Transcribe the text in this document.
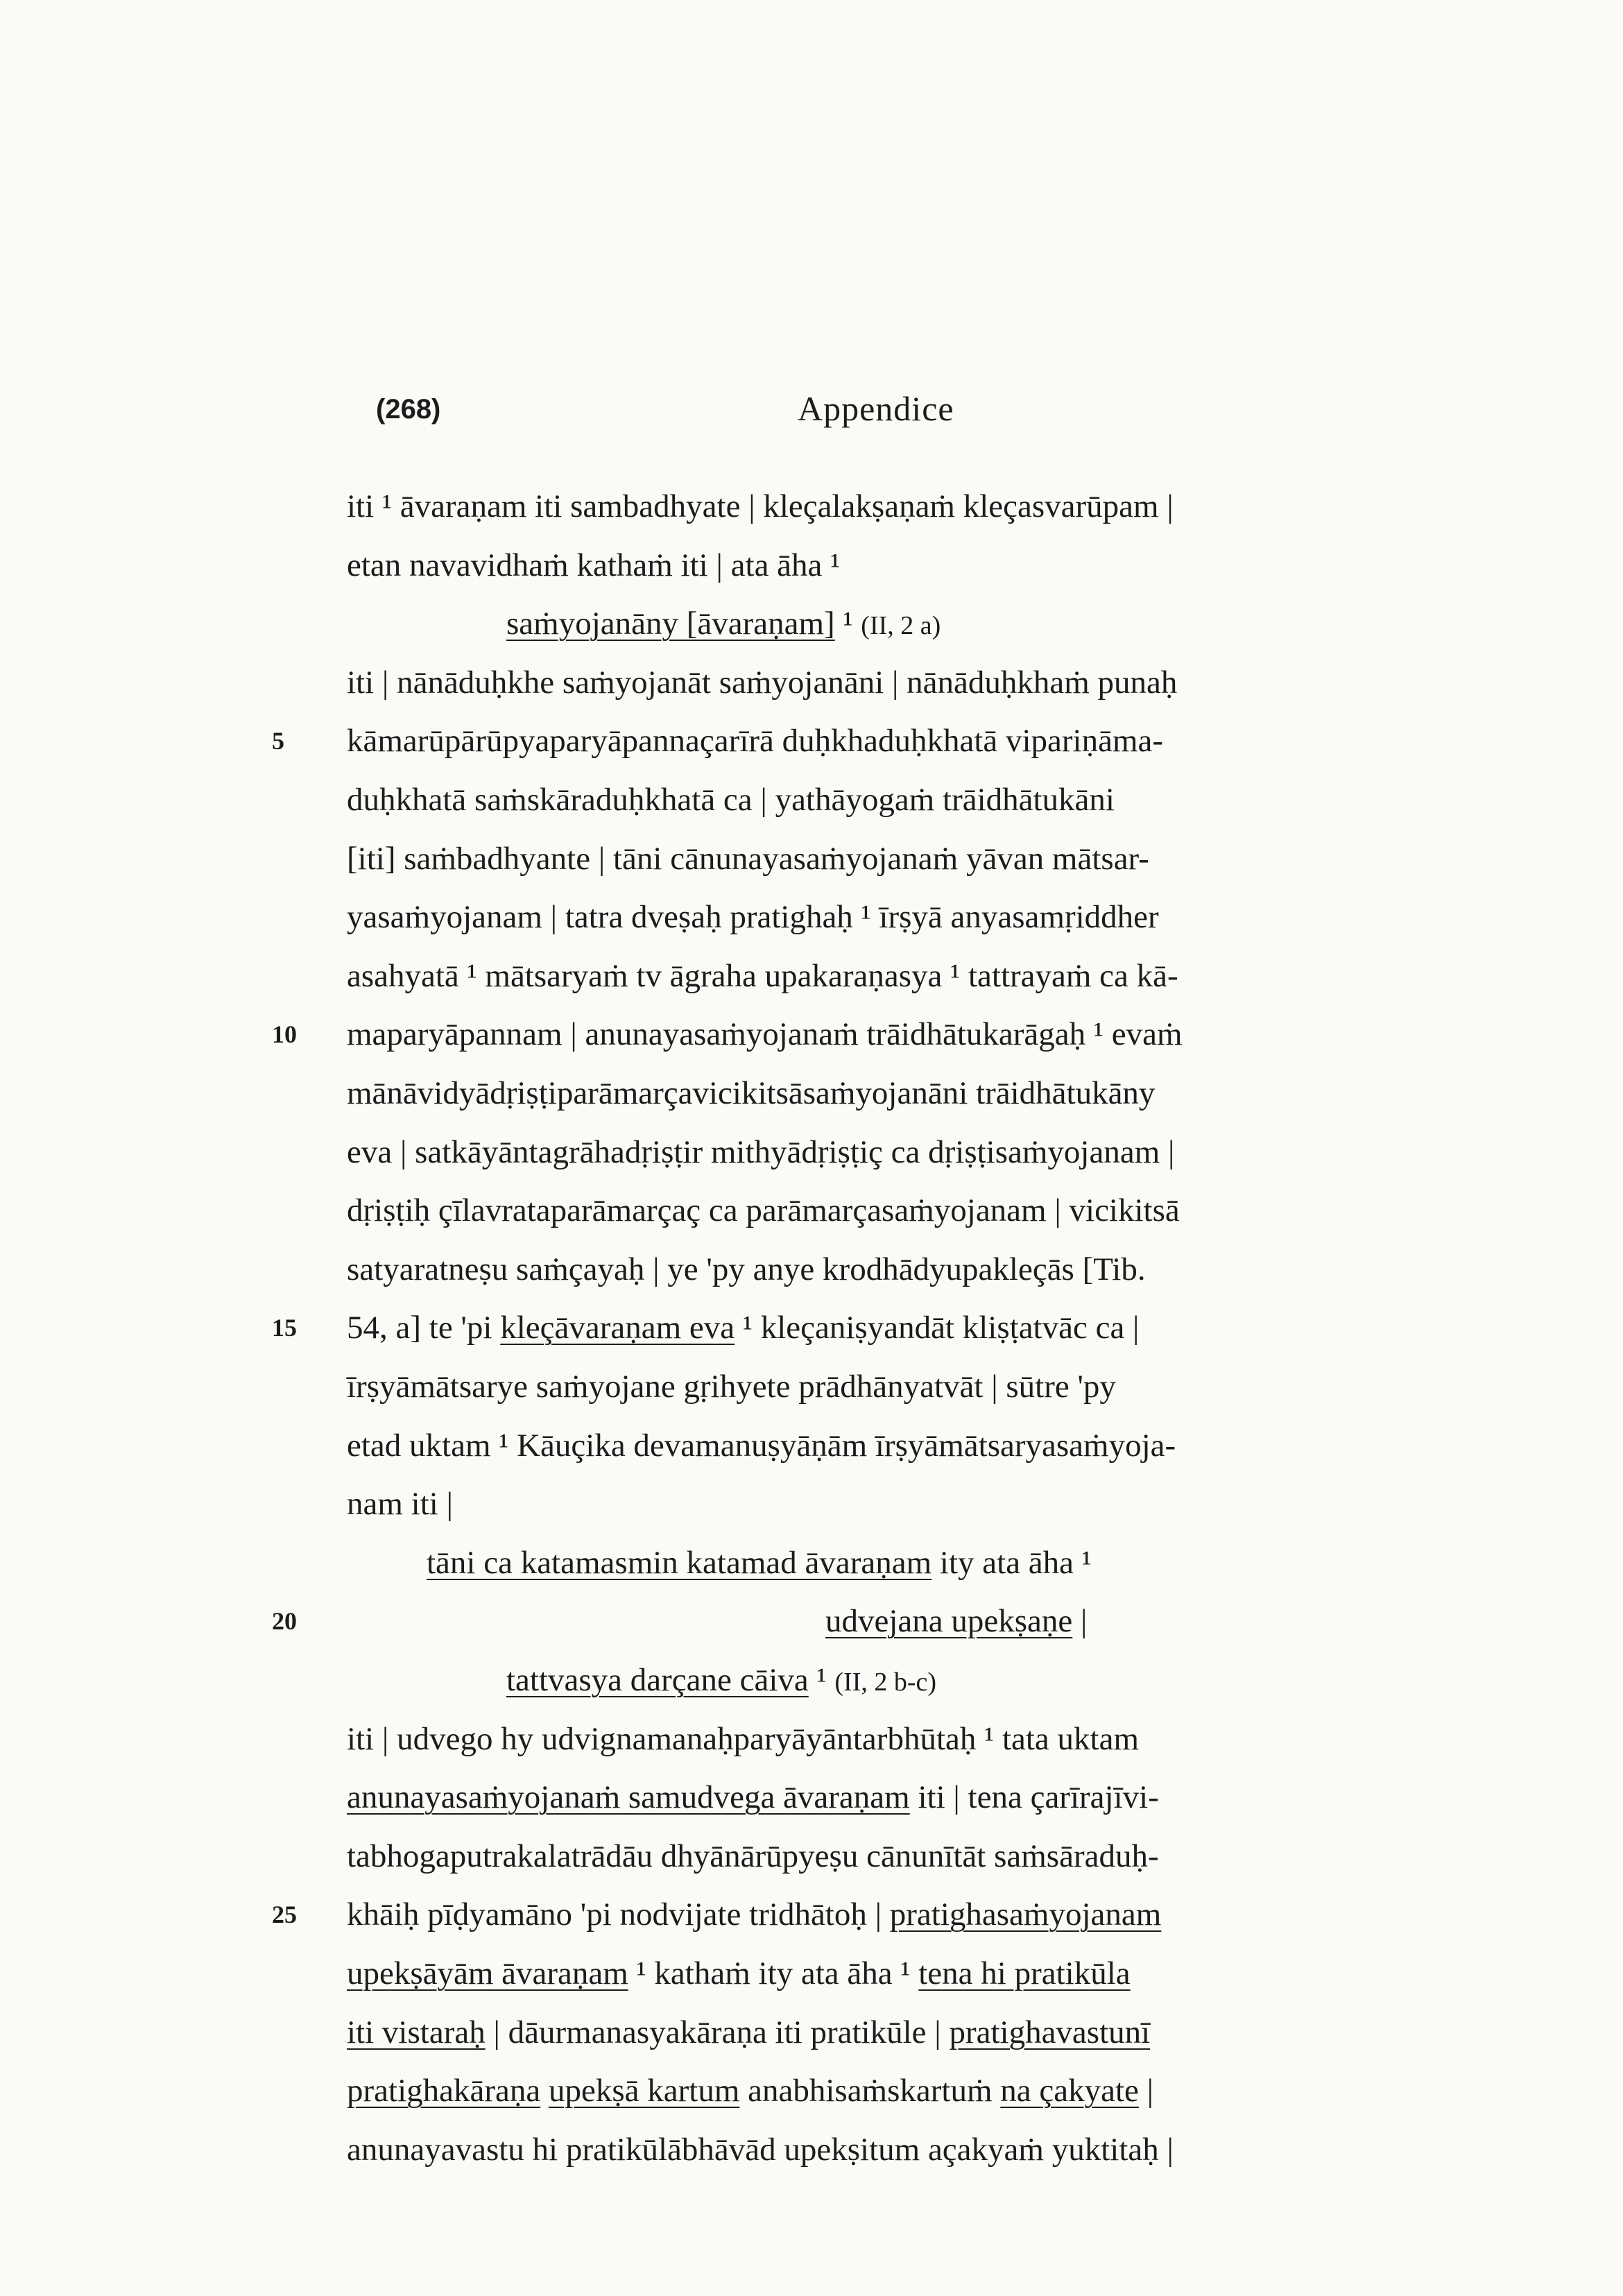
(268)	Appendice
iti ¹ āvaraṇam iti sambadhyate | kleçalakṣaṇaṁ kleçasvarūpam |
etan navavidhaṁ kathaṁ iti | ata āha ¹
saṁyojanāny [āvaraṇam] ¹ (II, 2 a)
iti | nānāduḥkhe saṁyojanāt saṁyojanāni | nānāduḥkhaṁ punaḥ
5	kāmarūpārūpyaparyāpannaçarīrā duḥkhaduḥkhatā vipariṇāma-
duḥkhatā saṁskāraduḥkhatā ca | yathāyogaṁ trāidhātukāni
[iti] saṁbadhyante | tāni cānunayasaṁyojanaṁ yāvan mātsar-
yasaṁyojanam | tatra dveṣaḥ pratighaḥ ¹ īrṣyā anyasamṛiddher
asahyatā ¹ mātsaryaṁ tv āgraha upakaraṇasya ¹ tattrayaṁ ca kā-
10	maparyāpannam | anunayasaṁyojanaṁ trāidhātukarāgaḥ ¹ evaṁ
mānāvidyādṛiṣṭiparāmarçavicikitsāsaṁyojanāni trāidhātukāny
eva | satkāyāntagrāhadṛiṣṭir mithyādṛiṣṭiç ca dṛiṣṭisaṁyojanam |
dṛiṣṭiḥ çīlavrataparāmarçaç ca parāmarçasaṁyojanam | vicikitsā
satyaratneṣu saṁçayaḥ | ye 'py anye krodhādyupakleçās [Tib.
15	54, a] te 'pi kleçāvaraṇam eva ¹ kleçaniṣyandāt kliṣṭatvāc ca |
īrṣyāmātsarye saṁyojane gṛihyete prādhānyatvāt | sūtre 'py
etad uktam ¹ Kāuçika devamanuṣyāṇām īrṣyāmātsaryasaṁyoja-
nam iti |
tāni ca katamasmin katamad āvaraṇam ity ata āha ¹
20	udvejana upekṣaṇe |
tattvasya darçane cāiva ¹ (II, 2 b-c)
iti | udvego hy udvignamanaḥparyāyāntarbhūtaḥ ¹ tata uktam
anunayasaṁyojanaṁ samudvega āvaraṇam iti | tena çarīrajīvi-
tabhogaputrakalatrādāu dhyānārūpyeṣu cānunītāt saṁsāraduḥ-
25	khāiḥ pīḍyamāno 'pi nodvijate tridhātoḥ | pratighasaṁyojanam
upekṣāyām āvaraṇam ¹ kathaṁ ity ata āha ¹ tena hi pratikūla
iti vistaraḥ | dāurmanasyakāraṇa iti pratikūle | pratighavastunī
pratighakāraṇa upekṣā kartum anabhisaṁskartuṁ na çakyate |
anunayavastu hi pratikūlābhāvād upekṣitum açakyaṁ yuktitaḥ |
